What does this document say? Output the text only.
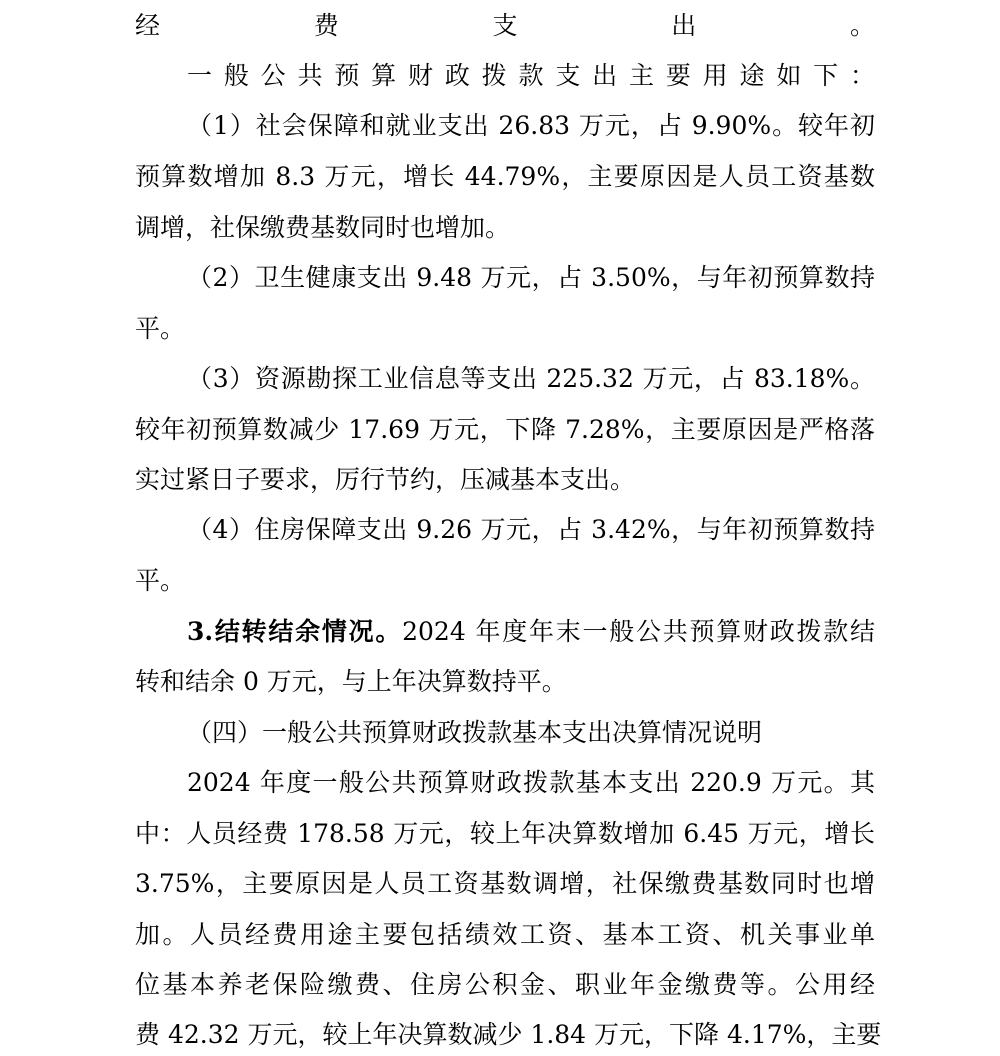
经费支出。
一般公共预算财政拨款支出主要用途如下：
（1）社会保障和就业支出 26.83 万元，占 9.90%。较年初
预算数增加 8.3 万元，增长 44.79%，主要原因是人员工资基数
调增，社保缴费基数同时也增加。
（2）卫生健康支出 9.48 万元，占 3.50%，与年初预算数持
平。
（3）资源勘探工业信息等支出 225.32 万元，占 83.18%。
较年初预算数减少 17.69 万元，下降 7.28%，主要原因是严格落
实过紧日子要求，厉行节约，压减基本支出。
（4）住房保障支出 9.26 万元，占 3.42%，与年初预算数持
平。
3.结转结余情况。2024 年度年末一般公共预算财政拨款结
转和结余 0 万元，与上年决算数持平。
（四）一般公共预算财政拨款基本支出决算情况说明
2024 年度一般公共预算财政拨款基本支出 220.9 万元。其
中：人员经费 178.58 万元，较上年决算数增加 6.45 万元，增长
3.75%，主要原因是人员工资基数调增，社保缴费基数同时也增
加。人员经费用途主要包括绩效工资、基本工资、机关事业单
位基本养老保险缴费、住房公积金、职业年金缴费等。公用经
费 42.32 万元，较上年决算数减少 1.84 万元，下降 4.17%，主要
